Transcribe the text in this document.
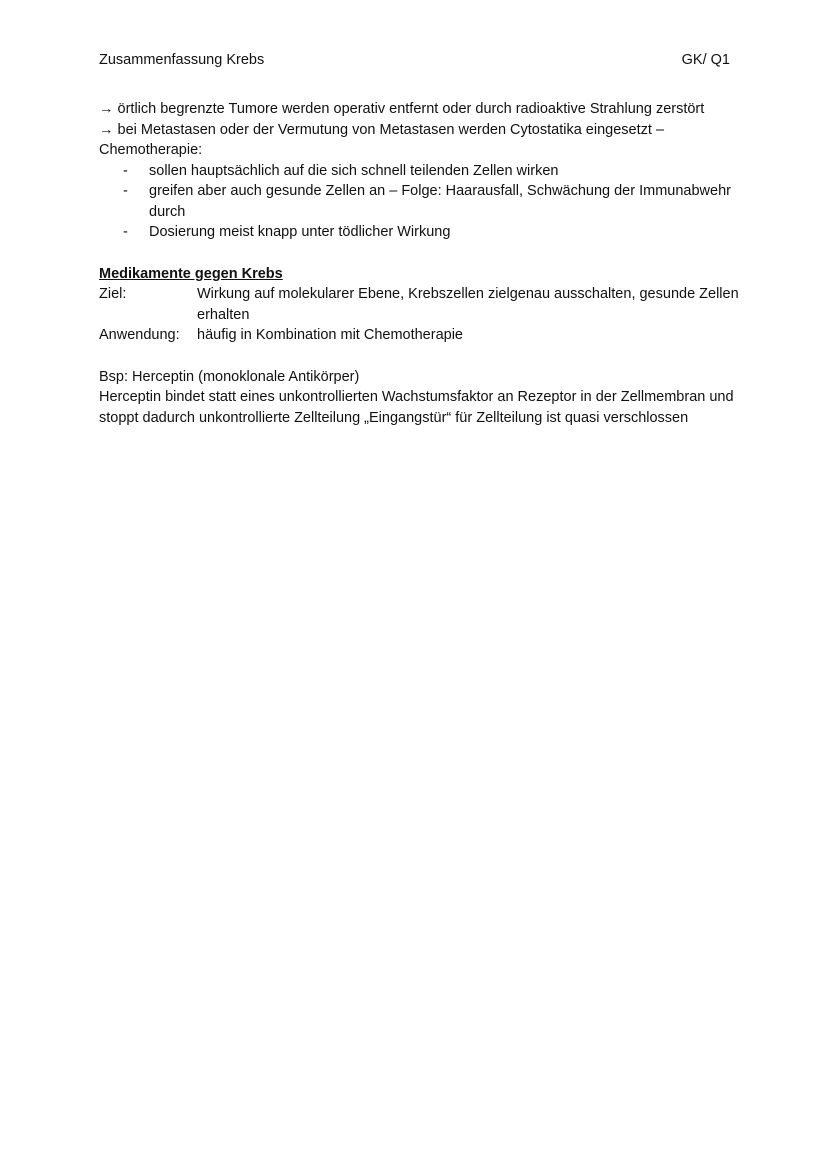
Zusammenfassung Krebs	GK/ Q1

→ örtlich begrenzte Tumore werden operativ entfernt oder durch radioaktive Strahlung zerstört

→ bei Metastasen oder der Vermutung von Metastasen werden Cytostatika eingesetzt – Chemotherapie:

- sollen hauptsächlich auf die sich schnell teilenden Zellen wirken
- greifen aber auch gesunde Zellen an – Folge: Haarausfall, Schwächung der Immunabwehr durch
- Dosierung meist knapp unter tödlicher Wirkung

Medikamente gegen Krebs

Ziel:	Wirkung auf molekularer Ebene, Krebszellen zielgenau ausschalten, gesunde Zellen erhalten
Anwendung:	häufig in Kombination mit Chemotherapie

Bsp: Herceptin (monoklonale Antikörper)

Herceptin bindet statt eines unkontrollierten Wachstumsfaktor an Rezeptor in der Zellmembran und stoppt dadurch unkontrollierte Zellteilung „Eingangstür“ für Zellteilung ist quasi verschlossen
